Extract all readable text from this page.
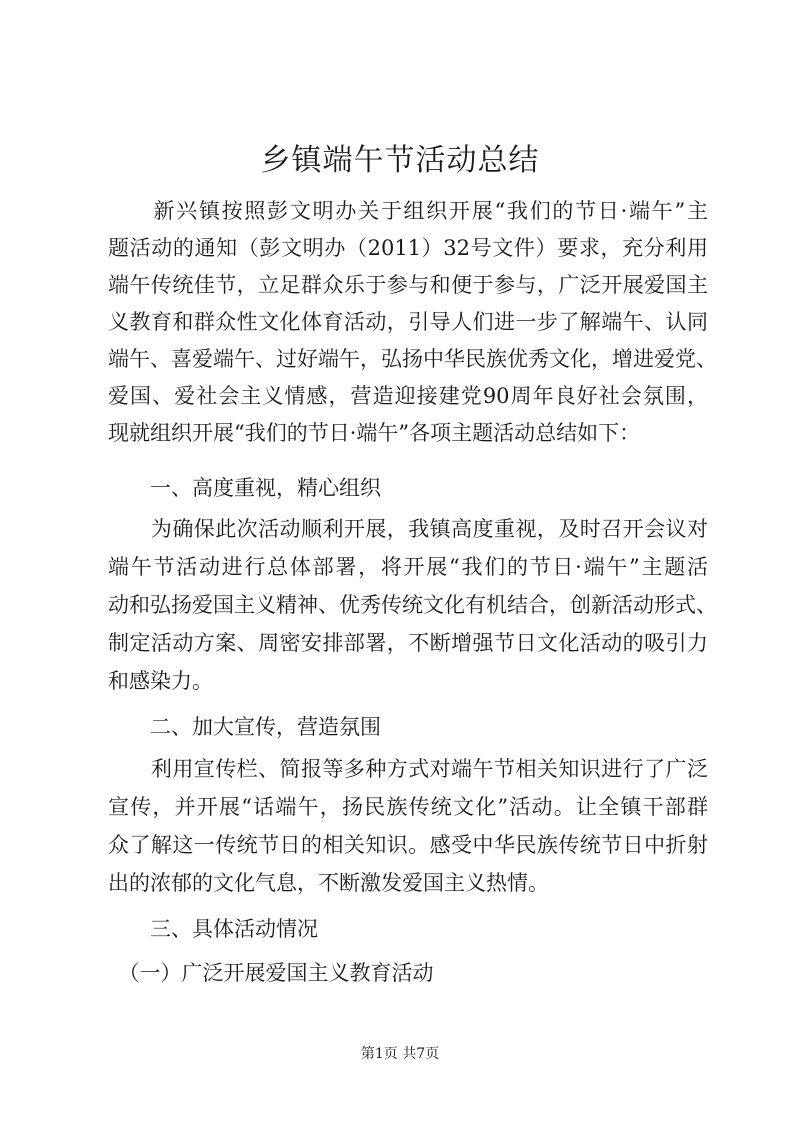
乡镇端午节活动总结
　　新兴镇按照彭文明办关于组织开展“我们的节日·端午”主
题活动的通知（彭文明办（2011）32号文件）要求，充分利用
端午传统佳节，立足群众乐于参与和便于参与，广泛开展爱国主
义教育和群众性文化体育活动，引导人们进一步了解端午、认同
端午、喜爱端午、过好端午，弘扬中华民族优秀文化，增进爱党、
爱国、爱社会主义情感，营造迎接建党90周年良好社会氛围，
现就组织开展“我们的节日·端午”各项主题活动总结如下：
　　一、高度重视，精心组织
　　为确保此次活动顺利开展，我镇高度重视，及时召开会议对
端午节活动进行总体部署，将开展“我们的节日·端午”主题活
动和弘扬爱国主义精神、优秀传统文化有机结合，创新活动形式、
制定活动方案、周密安排部署，不断增强节日文化活动的吸引力
和感染力。
　　二、加大宣传，营造氛围
　　利用宣传栏、简报等多种方式对端午节相关知识进行了广泛
宣传，并开展“话端午，扬民族传统文化”活动。让全镇干部群
众了解这一传统节日的相关知识。感受中华民族传统节日中折射
出的浓郁的文化气息，不断激发爱国主义热情。
　　三、具体活动情况
　（一）广泛开展爱国主义教育活动
第1页 共7页
